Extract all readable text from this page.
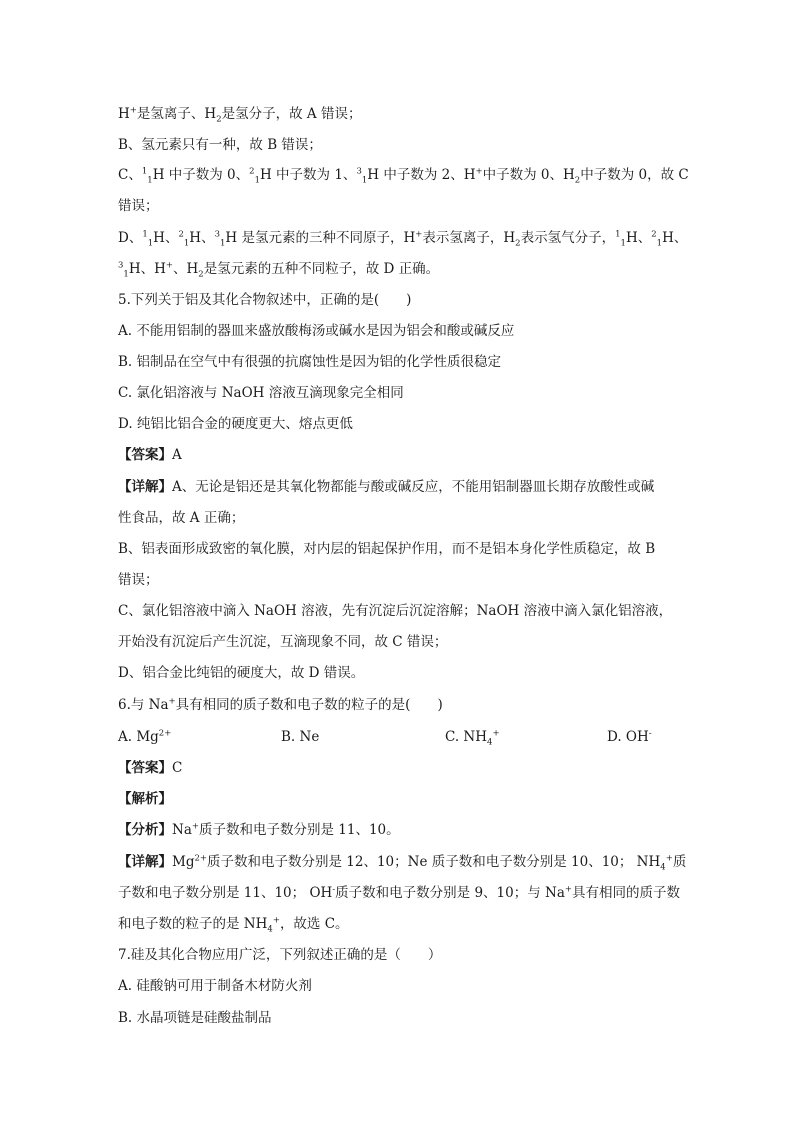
H+是氢离子、$H_2$是氢分子，故 A 错误；
B、氢元素只有一种，故 B 错误；
C、$^1_1$H 中子数为 0、$^2_1$H 中子数为 1、$^3_1$H 中子数为 2、H+中子数为 0、$H_2$中子数为 0，故 C
错误；
D、$^1_1$H、$^2_1$H、$^3_1$H 是氢元素的三种不同原子，H+表示氢离子，$H_2$表示氢气分子，$^1_1$H、$^2_1$H、
$^3_1$H、H+、$H_2$是氢元素的五种不同粒子，故 D 正确。
5.下列关于铝及其化合物叙述中，正确的是(　　)
A. 不能用铝制的器皿来盛放酸梅汤或碱水是因为铝会和酸或碱反应
B. 铝制品在空气中有很强的抗腐蚀性是因为铝的化学性质很稳定
C. 氯化铝溶液与 NaOH 溶液互滴现象完全相同
D. 纯铝比铝合金的硬度更大、熔点更低
【答案】A
【详解】A、无论是铝还是其氧化物都能与酸或碱反应，不能用铝制器皿长期存放酸性或碱
性食品，故 A 正确；
B、铝表面形成致密的氧化膜，对内层的铝起保护作用，而不是铝本身化学性质稳定，故 B
错误；
C、氯化铝溶液中滴入 NaOH 溶液，先有沉淀后沉淀溶解；NaOH 溶液中滴入氯化铝溶液，
开始没有沉淀后产生沉淀，互滴现象不同，故 C 错误；
D、铝合金比纯铝的硬度大，故 D 错误。
6.与 Na+具有相同的质子数和电子数的粒子的是(　　)
A. $Mg^{2+}$	B. Ne	C. $NH_4^+$	D. OH-
【答案】C
【解析】
【分析】Na+质子数和电子数分别是 11、10。
【详解】$Mg^{2+}$质子数和电子数分别是 12、10；Ne 质子数和电子数分别是 10、10； $NH_4^+$质
子数和电子数分别是 11、10； OH-质子数和电子数分别是 9、10；与 Na+具有相同的质子数
和电子数的粒子的是 $NH_4^+$，故选 C。
7.硅及其化合物应用广泛，下列叙述正确的是（　　）
A. 硅酸钠可用于制备木材防火剂
B. 水晶项链是硅酸盐制品
